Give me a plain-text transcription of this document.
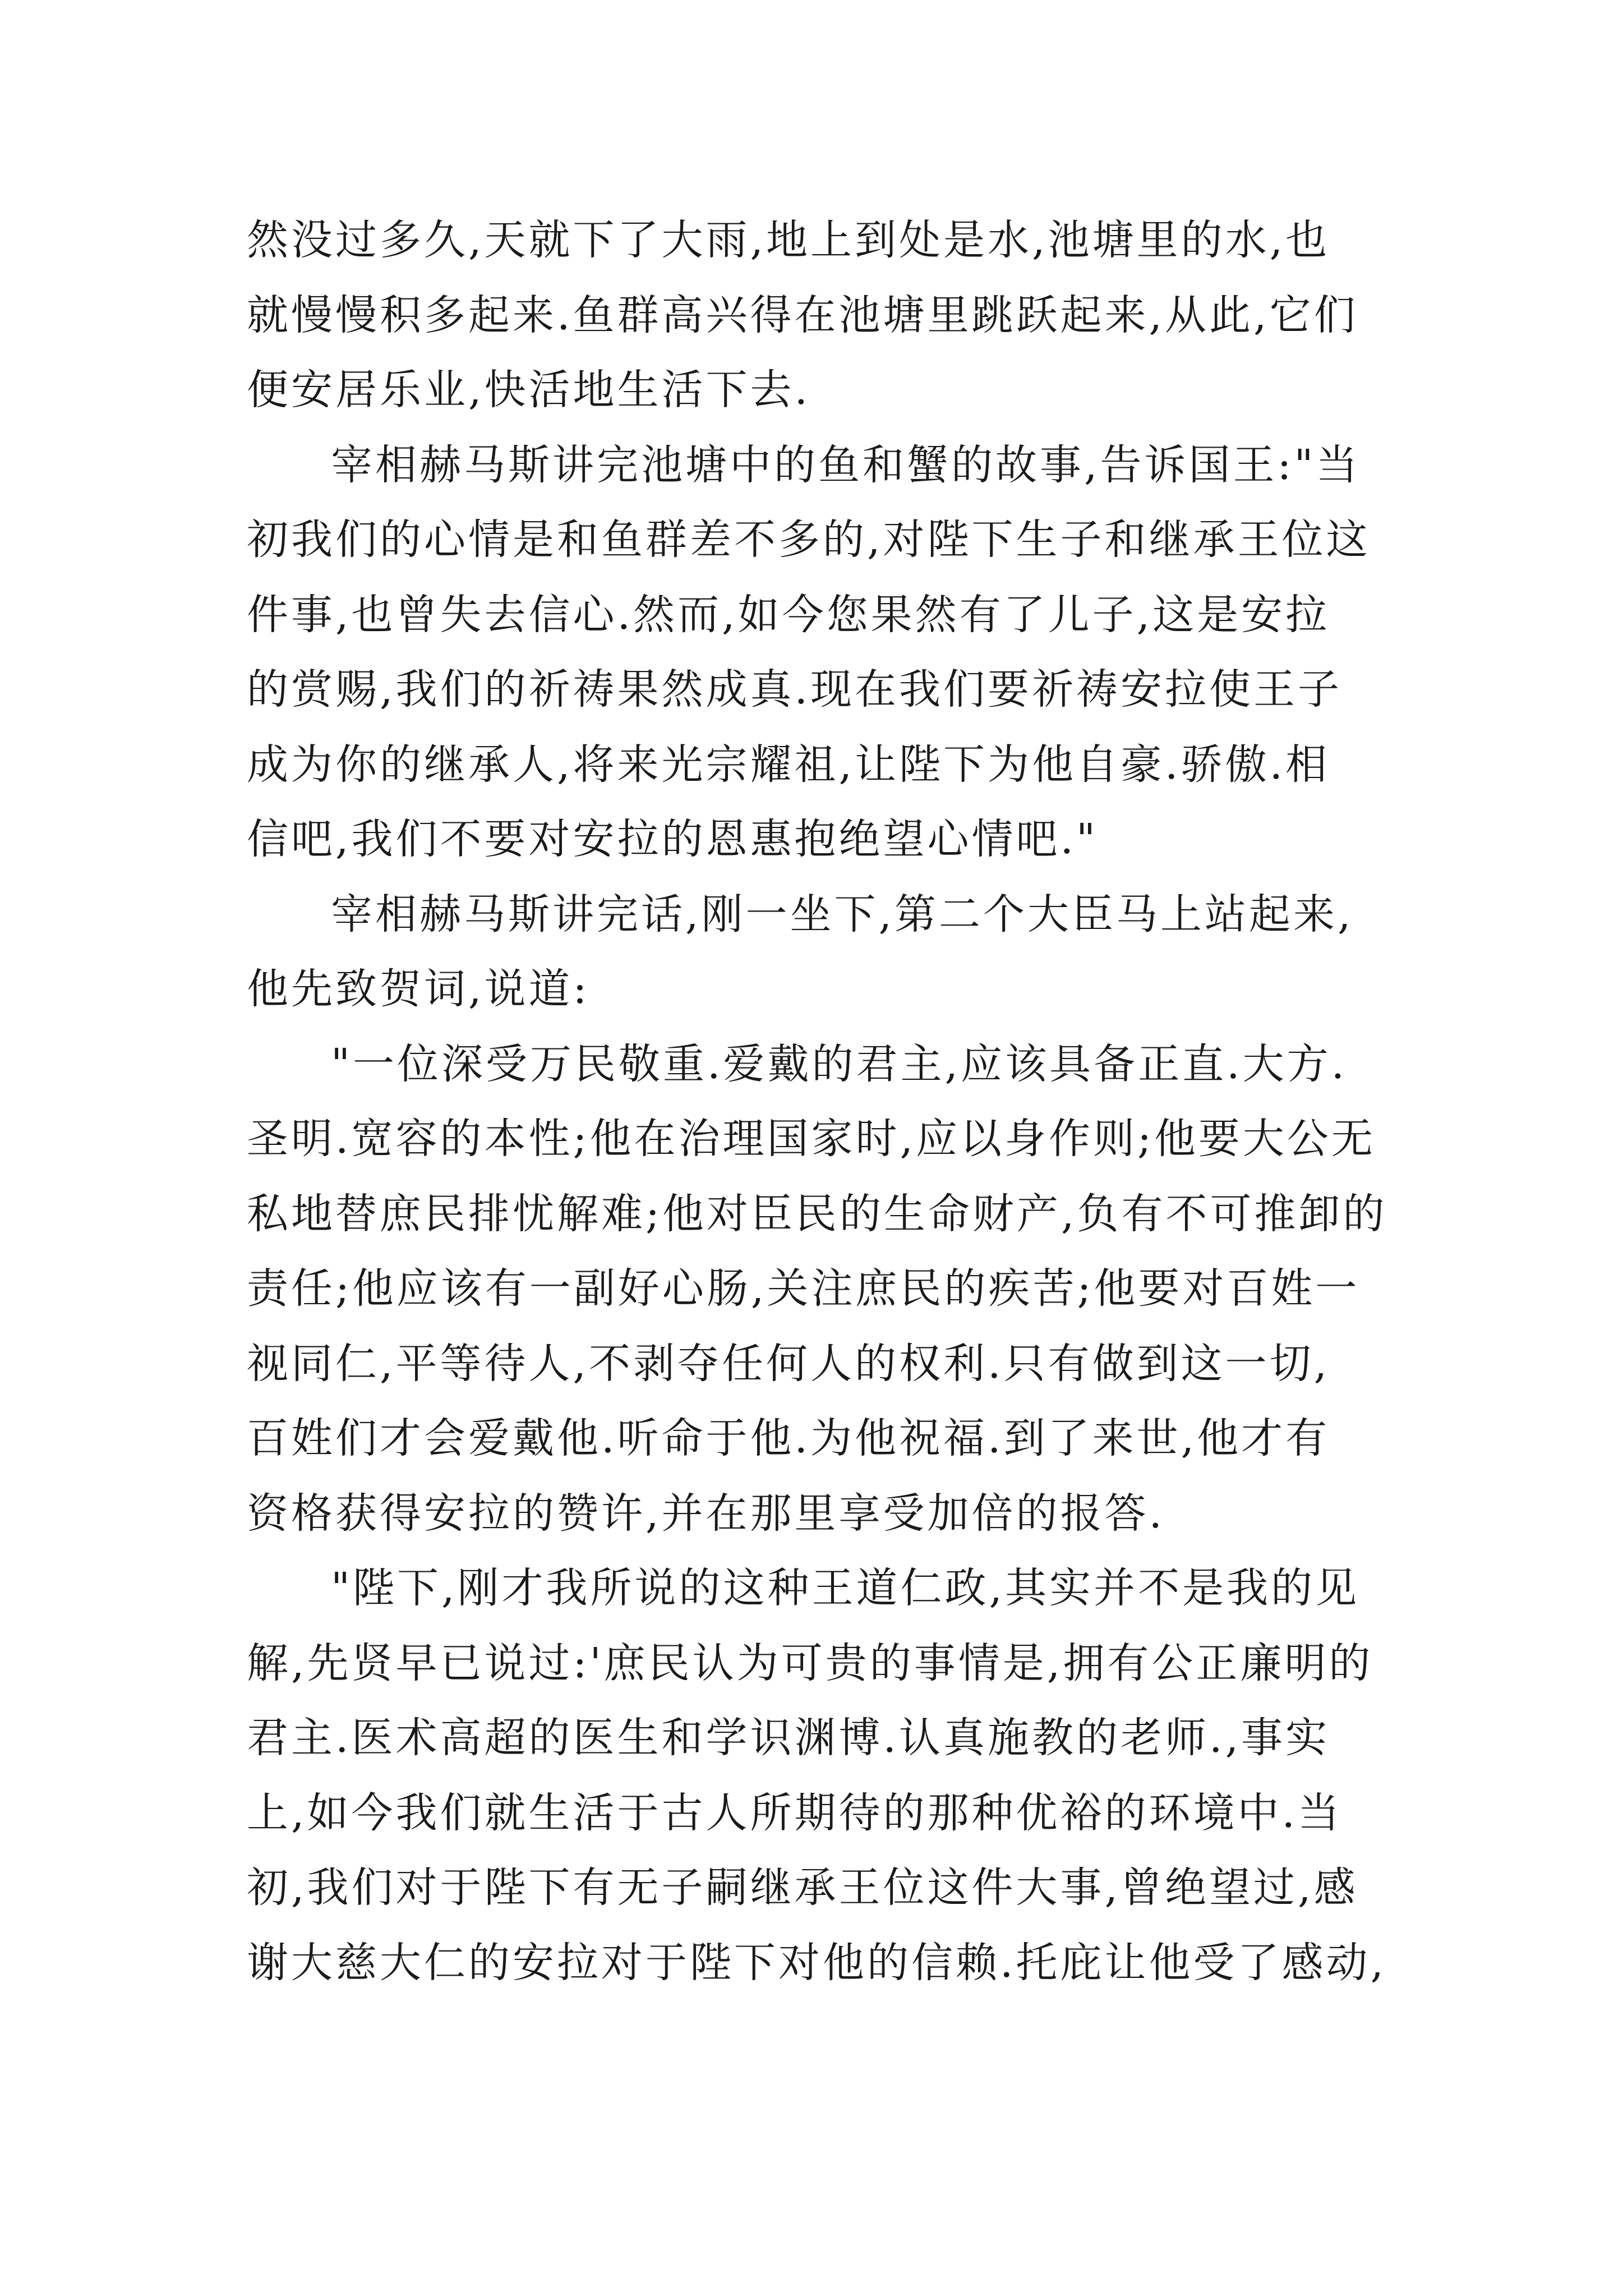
然没过多久,天就下了大雨,地上到处是水,池塘里的水,也
就慢慢积多起来.鱼群高兴得在池塘里跳跃起来,从此,它们
便安居乐业,快活地生活下去.

宰相赫马斯讲完池塘中的鱼和蟹的故事,告诉国王:"当
初我们的心情是和鱼群差不多的,对陛下生子和继承王位这
件事,也曾失去信心.然而,如今您果然有了儿子,这是安拉
的赏赐,我们的祈祷果然成真.现在我们要祈祷安拉使王子
成为你的继承人,将来光宗耀祖,让陛下为他自豪.骄傲.相
信吧,我们不要对安拉的恩惠抱绝望心情吧."

宰相赫马斯讲完话,刚一坐下,第二个大臣马上站起来,
他先致贺词,说道:

"一位深受万民敬重.爱戴的君主,应该具备正直.大方.
圣明.宽容的本性;他在治理国家时,应以身作则;他要大公无
私地替庶民排忧解难;他对臣民的生命财产,负有不可推卸的
责任;他应该有一副好心肠,关注庶民的疾苦;他要对百姓一
视同仁,平等待人,不剥夺任何人的权利.只有做到这一切,
百姓们才会爱戴他.听命于他.为他祝福.到了来世,他才有
资格获得安拉的赞许,并在那里享受加倍的报答.

"陛下,刚才我所说的这种王道仁政,其实并不是我的见
解,先贤早已说过:'庶民认为可贵的事情是,拥有公正廉明的
君主.医术高超的医生和学识渊博.认真施教的老师.,事实
上,如今我们就生活于古人所期待的那种优裕的环境中.当
初,我们对于陛下有无子嗣继承王位这件大事,曾绝望过,感
谢大慈大仁的安拉对于陛下对他的信赖.托庇让他受了感动,
